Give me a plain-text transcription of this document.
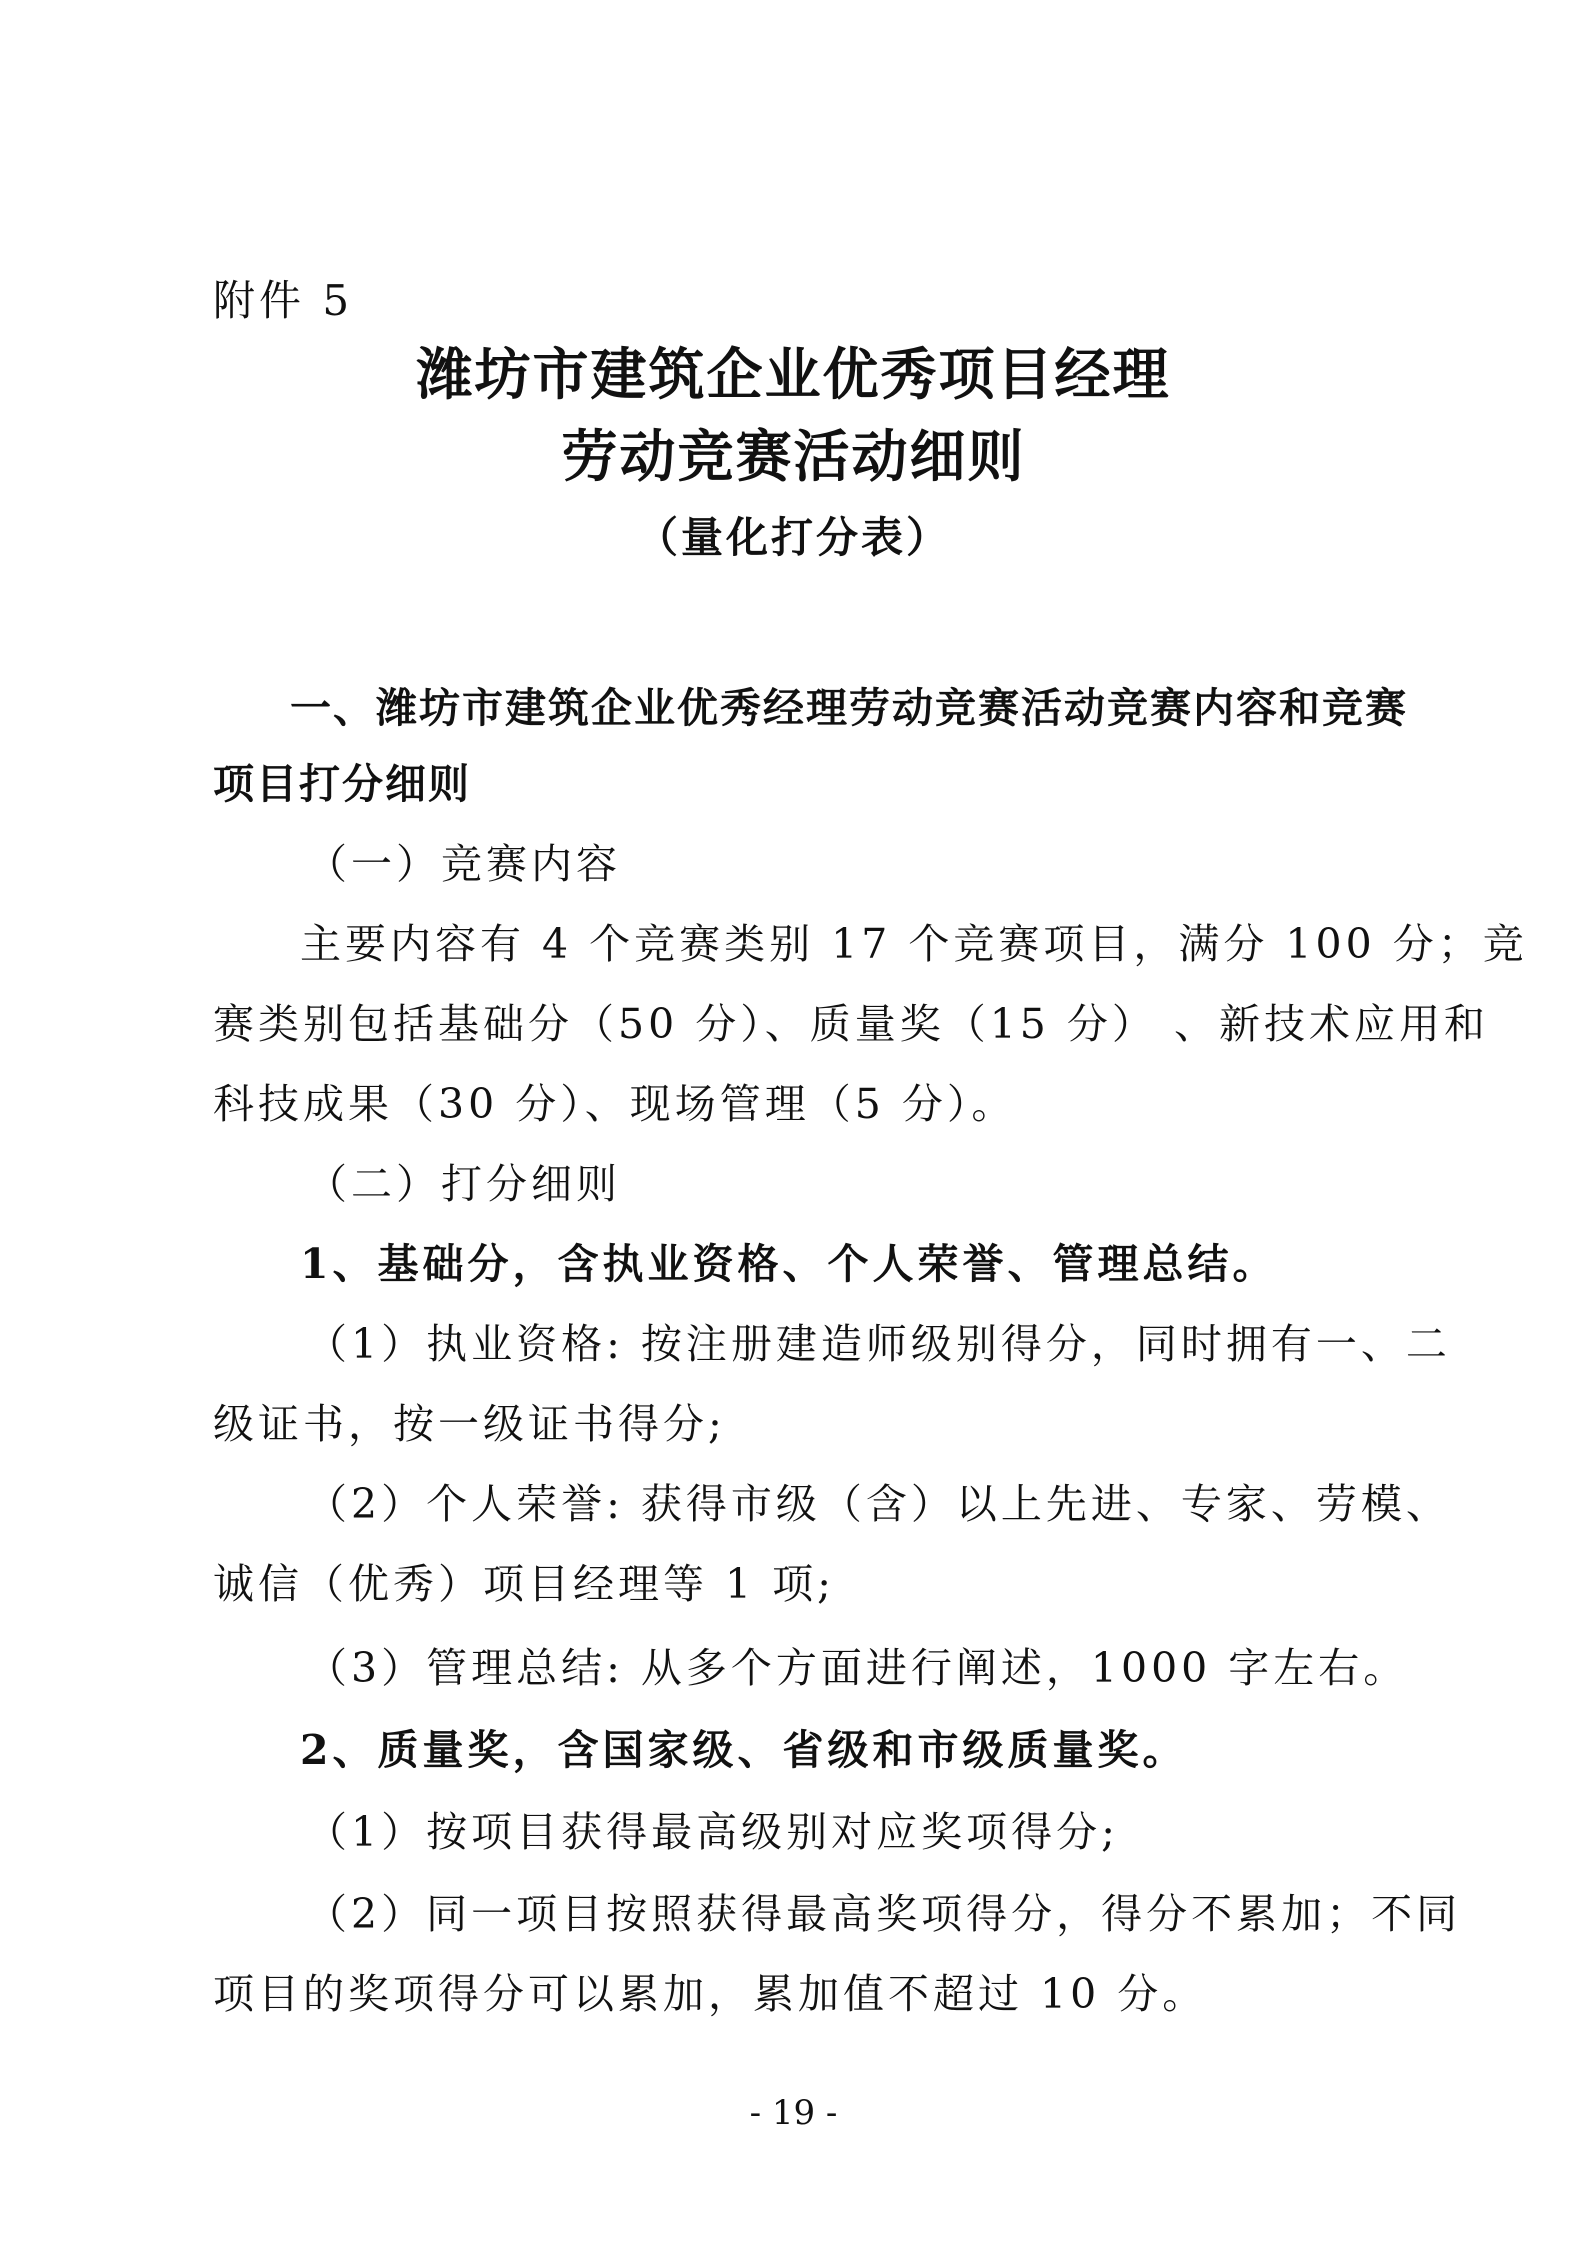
附件 5
潍坊市建筑企业优秀项目经理
劳动竞赛活动细则
（量化打分表）
一、潍坊市建筑企业优秀经理劳动竞赛活动竞赛内容和竞赛
项目打分细则
（一）竞赛内容
主要内容有 4 个竞赛类别 17 个竞赛项目，满分 100 分；竞
赛类别包括基础分（50 分）、质量奖（15 分） 、新技术应用和
科技成果（30 分）、现场管理（5 分）。
（二）打分细则
1、基础分，含执业资格、个人荣誉、管理总结。
（1）执业资格: 按注册建造师级别得分，同时拥有一、二
级证书，按一级证书得分;
（2）个人荣誉: 获得市级（含）以上先进、专家、劳模、
诚信（优秀）项目经理等 1 项;
（3）管理总结: 从多个方面进行阐述，1000 字左右。
2、质量奖，含国家级、省级和市级质量奖。
（1）按项目获得最高级别对应奖项得分;
（2）同一项目按照获得最高奖项得分，得分不累加；不同
项目的奖项得分可以累加，累加值不超过 10 分。
- 19 -
